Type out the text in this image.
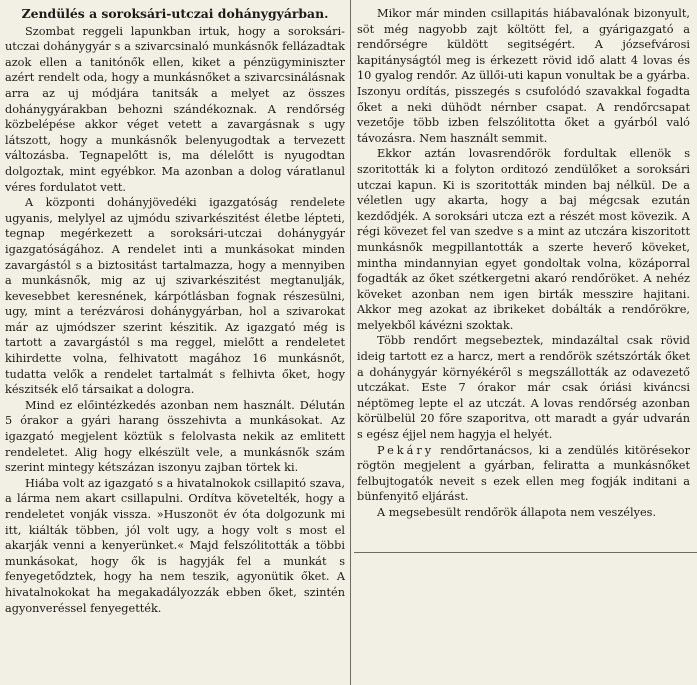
Zendülés a soroksári-utczai dohánygyárban.

Szombat reggeli lapunkban irtuk, hogy a soroksári-utczai dohánygyár s a szivarcsinaló munkásnők fellázadtak azok ellen a tanitónők ellen, kiket a pénzügyminiszter azért rendelt oda, hogy a munkásnőket a szivarcsinálásnak arra az uj módjára tanitsák a melyet az összes dohánygyárakban behozni szándékoznak. A rendőrség közbelépése akkor véget vetett a zavargásnak s ugy látszott, hogy a munkásnők belenyugodtak a tervezett változásba. Tegnapelőtt is, ma délelőtt is nyugodtan dolgoztak, mint egyébkor. Ma azonban a dolog váratlanul véres fordulatot vett.

A központi dohányjövedéki igazgatóság rendelete ugyanis, melylyel az ujmódu szivarkészitést életbe lépteti, tegnap megérkezett a soroksári-utczai dohánygyár igazgatóságához. A rendelet inti a munkásokat minden zavargástól s a biztositást tartalmazza, hogy a mennyiben a munkásnők, mig az uj szivarkészitést megtanulják, kevesebbet keresnének, kárpótlásban fognak részesülni, ugy, mint a terézvárosi dohánygyárban, hol a szivarokat már az ujmódszer szerint készitik. Az igazgató még is tartott a zavargástól s ma reggel, mielőtt a rendeletet kihirdette volna, felhivatott magához 16 munkásnőt, tudatta velők a rendelet tartalmát s felhivta őket, hogy készitsék elő társaikat a dologra.

Mind ez előintézkedés azonban nem használt. Délután 5 órakor a gyári harang összehivta a munkásokat. Az igazgató megjelent köztük s felolvasta nekik az emlitett rendeletet. Alig hogy elkészült vele, a munkásnők szám szerint mintegy kétszázan iszonyu zajban törtek ki.

Hiába volt az igazgató s a hivatalnokok csillapitó szava, a lárma nem akart csillapulni. Ordítva követelték, hogy a rendeletet vonják vissza. »Huszonöt év óta dolgozunk mi itt, kiálták többen, jól volt ugy, a hogy volt s most el akarják venni a kenyerünket.« Majd felszólitották a többi munkásokat, hogy ők is hagyják fel a munkát s fenyegetődztek, hogy ha nem teszik, agyonütik őket. A hivatalnokokat ha megakadályozzák ebben őket, szintén agyonveréssel fenyegették.

Mikor már minden csillapitás hiábavalónak bizonyult, söt még nagyobb zajt költött fel, a gyárigazgató a rendőrségre küldött segitségért. A józsefvárosi kapitányságtól meg is érkezett rövid idő alatt 4 lovas és 10 gyalog rendőr. Az üllői-uti kapun vonultak be a gyárba. Iszonyu ordítás, pisszegés s csufolódó szavakkal fogadta őket a neki dühödt nérnber csapat. A rendőrcsapat vezetője több izben felszólitotta őket a gyárból való távozásra. Nem használt semmit.

Ekkor aztán lovasrendőrök fordultak ellenök s szoritották ki a folyton orditozó zendülőket a soroksári utczai kapun. Ki is szoritották minden baj nélkül. De a véletlen ugy akarta, hogy a baj mégcsak ezután kezdődjék. A soroksári utcza ezt a részét most kövezik. A régi kövezet fel van szedve s a mint az utczára kiszoritott munkásnők megpillantották a szerte heverő köveket, mintha mindannyian egyet gondoltak volna, közáporral fogadták az őket szétkergetni akaró rendőröket. A nehéz köveket azonban nem igen birták messzire hajitani. Akkor meg azokat az ibrikeket dobálták a rendőrökre, melyekből kávézni szoktak.

Több rendőrt megsebeztek, mindazáltal csak rövid ideig tartott ez a harcz, mert a rendőrök szétszórták őket a dohánygyár környékéről s megszállották az odavezető utczákat. Este 7 órakor már csak óriási kiváncsi néptömeg lepte el az utczát. A lovas rendőrség azonban körülbelül 20 főre szaporitva, ott maradt a gyár udvarán s egész éjjel nem hagyja el helyét.

Pekáry rendőrtanácsos, ki a zendülés kitörésekor rögtön megjelent a gyárban, feliratta a munkásnőket felbujtogatók neveit s ezek ellen meg fogják inditani a bünfenyitő eljárást.

A megsebesült rendőrök állapota nem veszélyes.
